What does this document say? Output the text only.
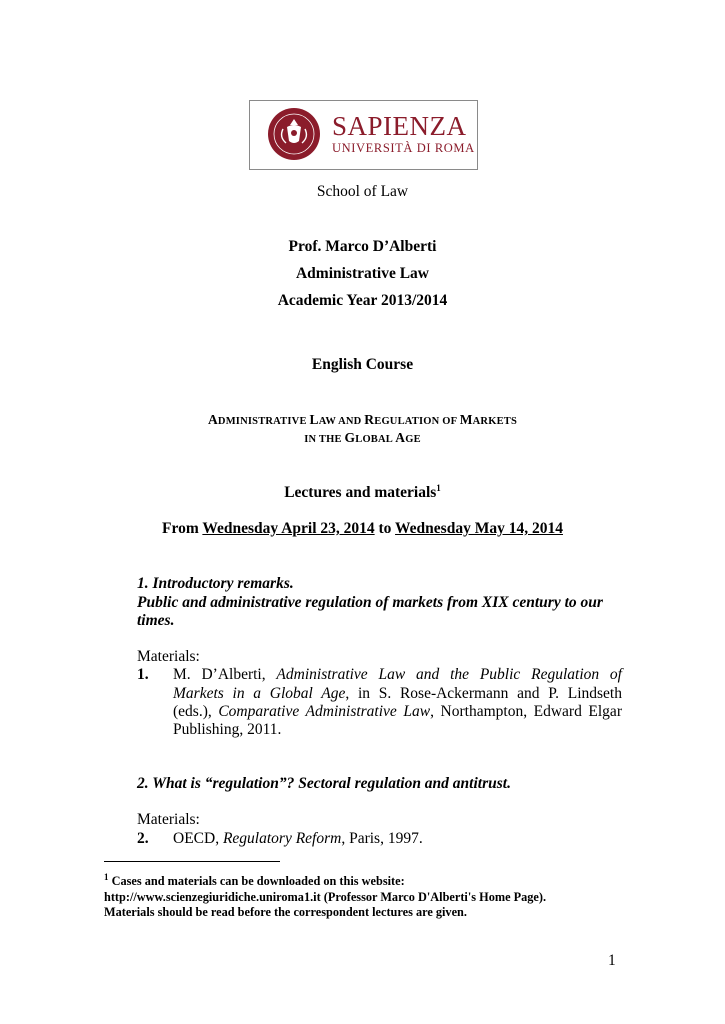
SAPIENZA
UNIVERSITÀ DI ROMA
School of Law
Prof. Marco D’Alberti
Administrative Law
Academic Year 2013/2014
English Course
ADMINISTRATIVE LAW AND REGULATION OF MARKETS
IN THE GLOBAL AGE
Lectures and materials$^1$
From Wednesday April 23, 2014 to Wednesday May 14, 2014
1. Introductory remarks.
Public and administrative regulation of markets from XIX century to our
times.
Materials:
1. M. D’Alberti, Administrative Law and the Public Regulation of
Markets in a Global Age, in S. Rose-Ackermann and P. Lindseth
(eds.), Comparative Administrative Law, Northampton, Edward Elgar
Publishing, 2011.
2. What is “regulation”? Sectoral regulation and antitrust.
Materials:
2. OECD, Regulatory Reform, Paris, 1997.
$^1$ Cases and materials can be downloaded on this website:
http://www.scienzegiuridiche.uniroma1.it (Professor Marco D'Alberti's Home Page).
Materials should be read before the correspondent lectures are given.
1
